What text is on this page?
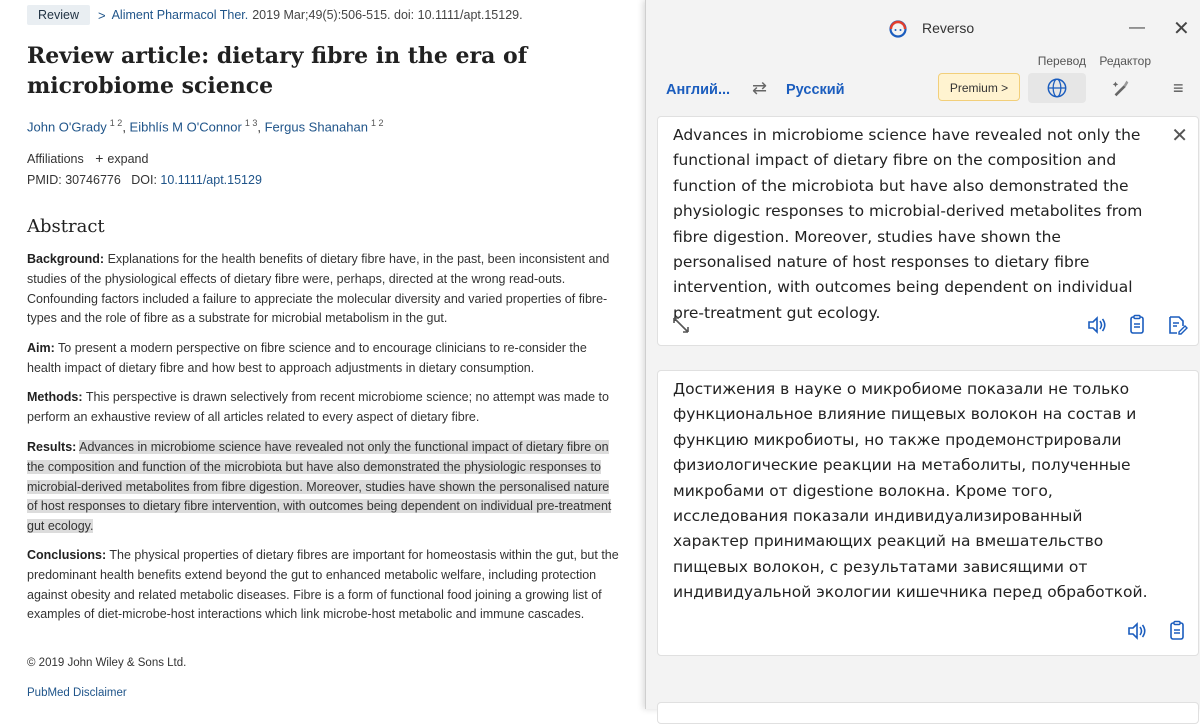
Review	> Aliment Pharmacol Ther. 2019 Mar;49(5):506-515. doi: 10.1111/apt.15129.
Review article: dietary fibre in the era of microbiome science
John O'Grady $^{1 2}$, Eibhlís M O'Connor $^{1 3}$, Fergus Shanahan $^{1 2}$
Affiliations + expand
PMID: 30746776 DOI: 10.1111/apt.15129
Abstract

Background: Explanations for the health benefits of dietary fibre have, in the past, been inconsistent and studies of the physiological effects of dietary fibre were, perhaps, directed at the wrong read-outs. Confounding factors included a failure to appreciate the molecular diversity and varied properties of fibre-types and the role of fibre as a substrate for microbial metabolism in the gut.

Aim: To present a modern perspective on fibre science and to encourage clinicians to re-consider the health impact of dietary fibre and how best to approach adjustments in dietary consumption.

Methods: This perspective is drawn selectively from recent microbiome science; no attempt was made to perform an exhaustive review of all articles related to every aspect of dietary fibre.

Results: Advances in microbiome science have revealed not only the functional impact of dietary fibre on the composition and function of the microbiota but have also demonstrated the physiologic responses to microbial-derived metabolites from fibre digestion. Moreover, studies have shown the personalised nature of host responses to dietary fibre intervention, with outcomes being dependent on individual pre-treatment gut ecology.

Conclusions: The physical properties of dietary fibres are important for homeostasis within the gut, but the predominant health benefits extend beyond the gut to enhanced metabolic welfare, including protection against obesity and related metabolic diseases. Fibre is a form of functional food joining a growing list of examples of diet-microbe-host interactions which link microbe-host metabolic and immune cascades.

© 2019 John Wiley & Sons Ltd.
PubMed Disclaimer
Reverso	— ✕
Перевод Редактор
Англий... ⇄ Русский	Premium >	≡

Advances in microbiome science have revealed not only the functional impact of dietary fibre on the composition and function of the microbiota but have also demonstrated the physiologic responses to microbial-derived metabolites from fibre digestion. Moreover, studies have shown the personalised nature of host responses to dietary fibre intervention, with outcomes being dependent on individual pre-treatment gut ecology.

✕

Достижения в науке о микробиоме показали не только функциональное влияние пищевых волокон на состав и функцию микробиоты, но также продемонстрировали физиологические реакции на метаболиты, полученные микробами от digestione волокна. Кроме того, исследования показали индивидуализированный характер принимающих реакций на вмешательство пищевых волокон, с результатами зависящими от индивидуальной экологии кишечника перед обработкой.
